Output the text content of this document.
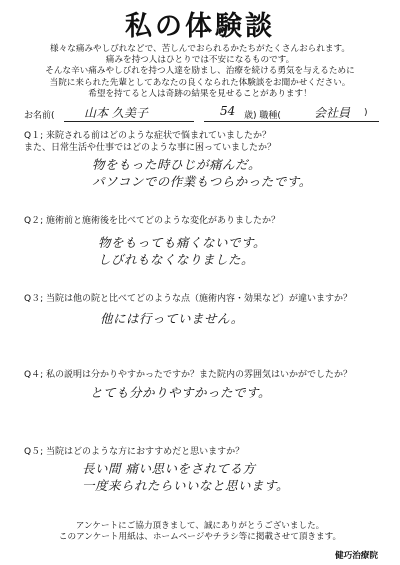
私の体験談
様々な痛みやしびれなどで、苦しんでおられるかたちがたくさんおられます。
痛みを持つ人はひとりでは不安になるものです。
そんな辛い痛みやしびれを持つ人達を励まし、治療を続ける勇気を与えるために
当院に来られた先輩としてあなたの良くなられた体験談をお聞かせください。
希望を持てると人は奇跡の結果を見せることがあります！
お名前( 山本 久美子	54 歳) 職種(	会社員 )
Q１; 来院される前はどのような症状で悩まれていましたか？
また、日常生活や仕事ではどのような事に困っていましたか？
物をもった時ひじが痛んだ。
パソコンでの作業もつらかったです。
Q２; 施術前と施術後を比べてどのような変化がありましたか？
物をもっても痛くないです。
しびれもなくなりました。
Q３; 当院は他の院と比べてどのような点（施術内容・効果など）が違いますか？
他には行っていません。
Q４; 私の説明は分かりやすかったですか？また院内の雰囲気はいかがでしたか？
とても分かりやすかったです。
Q５; 当院はどのような方におすすめだと思いますか？
長い間 痛い思いをされてる方
一度来られたらいいなと思います。
アンケートにご協力頂きまして、誠にありがとうございました。
このアンケート用紙は、ホームページやチラシ等に掲載させて頂きます。
健巧治療院
